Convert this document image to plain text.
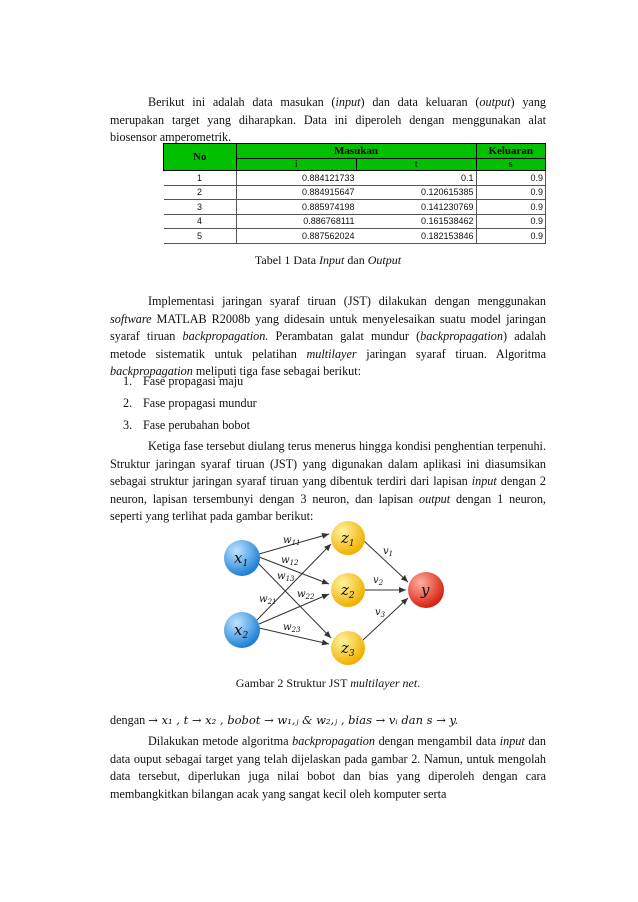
Berikut ini adalah data masukan (input) dan data keluaran (output) yang merupakan target yang diharapkan. Data ini diperoleh dengan menggunakan alat biosensor amperometrik.

No	Masukan		Keluaran
	i	t	s
1	0.884121733	0.1	0.9
2	0.884915647	0.120615385	0.9
3	0.885974198	0.141230769	0.9
4	0.886768111	0.161538462	0.9
5	0.887562024	0.182153846	0.9
Tabel 1 Data Input dan Output

Implementasi jaringan syaraf tiruan (JST) dilakukan dengan menggunakan software MATLAB R2008b yang didesain untuk menyelesaikan suatu model jaringan syaraf tiruan backpropagation. Perambatan galat mundur (backpropagation) adalah metode sistematik untuk pelatihan multilayer jaringan syaraf tiruan. Algoritma backpropagation meliputi tiga fase sebagai berikut:

1. Fase propagasi maju
2. Fase propagasi mundur
3. Fase perubahan bobot

Ketiga fase tersebut diulang terus menerus hingga kondisi penghentian terpenuhi. Struktur jaringan syaraf tiruan (JST) yang digunakan dalam aplikasi ini diasumsikan sebagai struktur jaringan syaraf tiruan yang dibentuk terdiri dari lapisan input dengan 2 neuron, lapisan tersembunyi dengan 3 neuron, dan lapisan output dengan 1 neuron, seperti yang terlihat pada gambar berikut:

$x_1$
$x_2$
$z_1$
$z_2$
$z_3$
y
$w_{11}$
$w_{12}$
$w_{13}$
$w_{21}$
$w_{22}$
$w_{23}$
$v_1$
$v_2$
$v_3$
Gambar 2 Struktur JST multilayer net.
dengan → x₁ , t → x₂ , bobot → w₁,ⱼ & w₂,ⱼ , bias → vᵢ dan s → y.

Dilakukan metode algoritma backpropagation dengan mengambil data input dan data ouput sebagai target yang telah dijelaskan pada gambar 2. Namun, untuk mengolah data tersebut, diperlukan juga nilai bobot dan bias yang diperoleh dengan cara membangkitkan bilangan acak yang sangat kecil oleh komputer serta
